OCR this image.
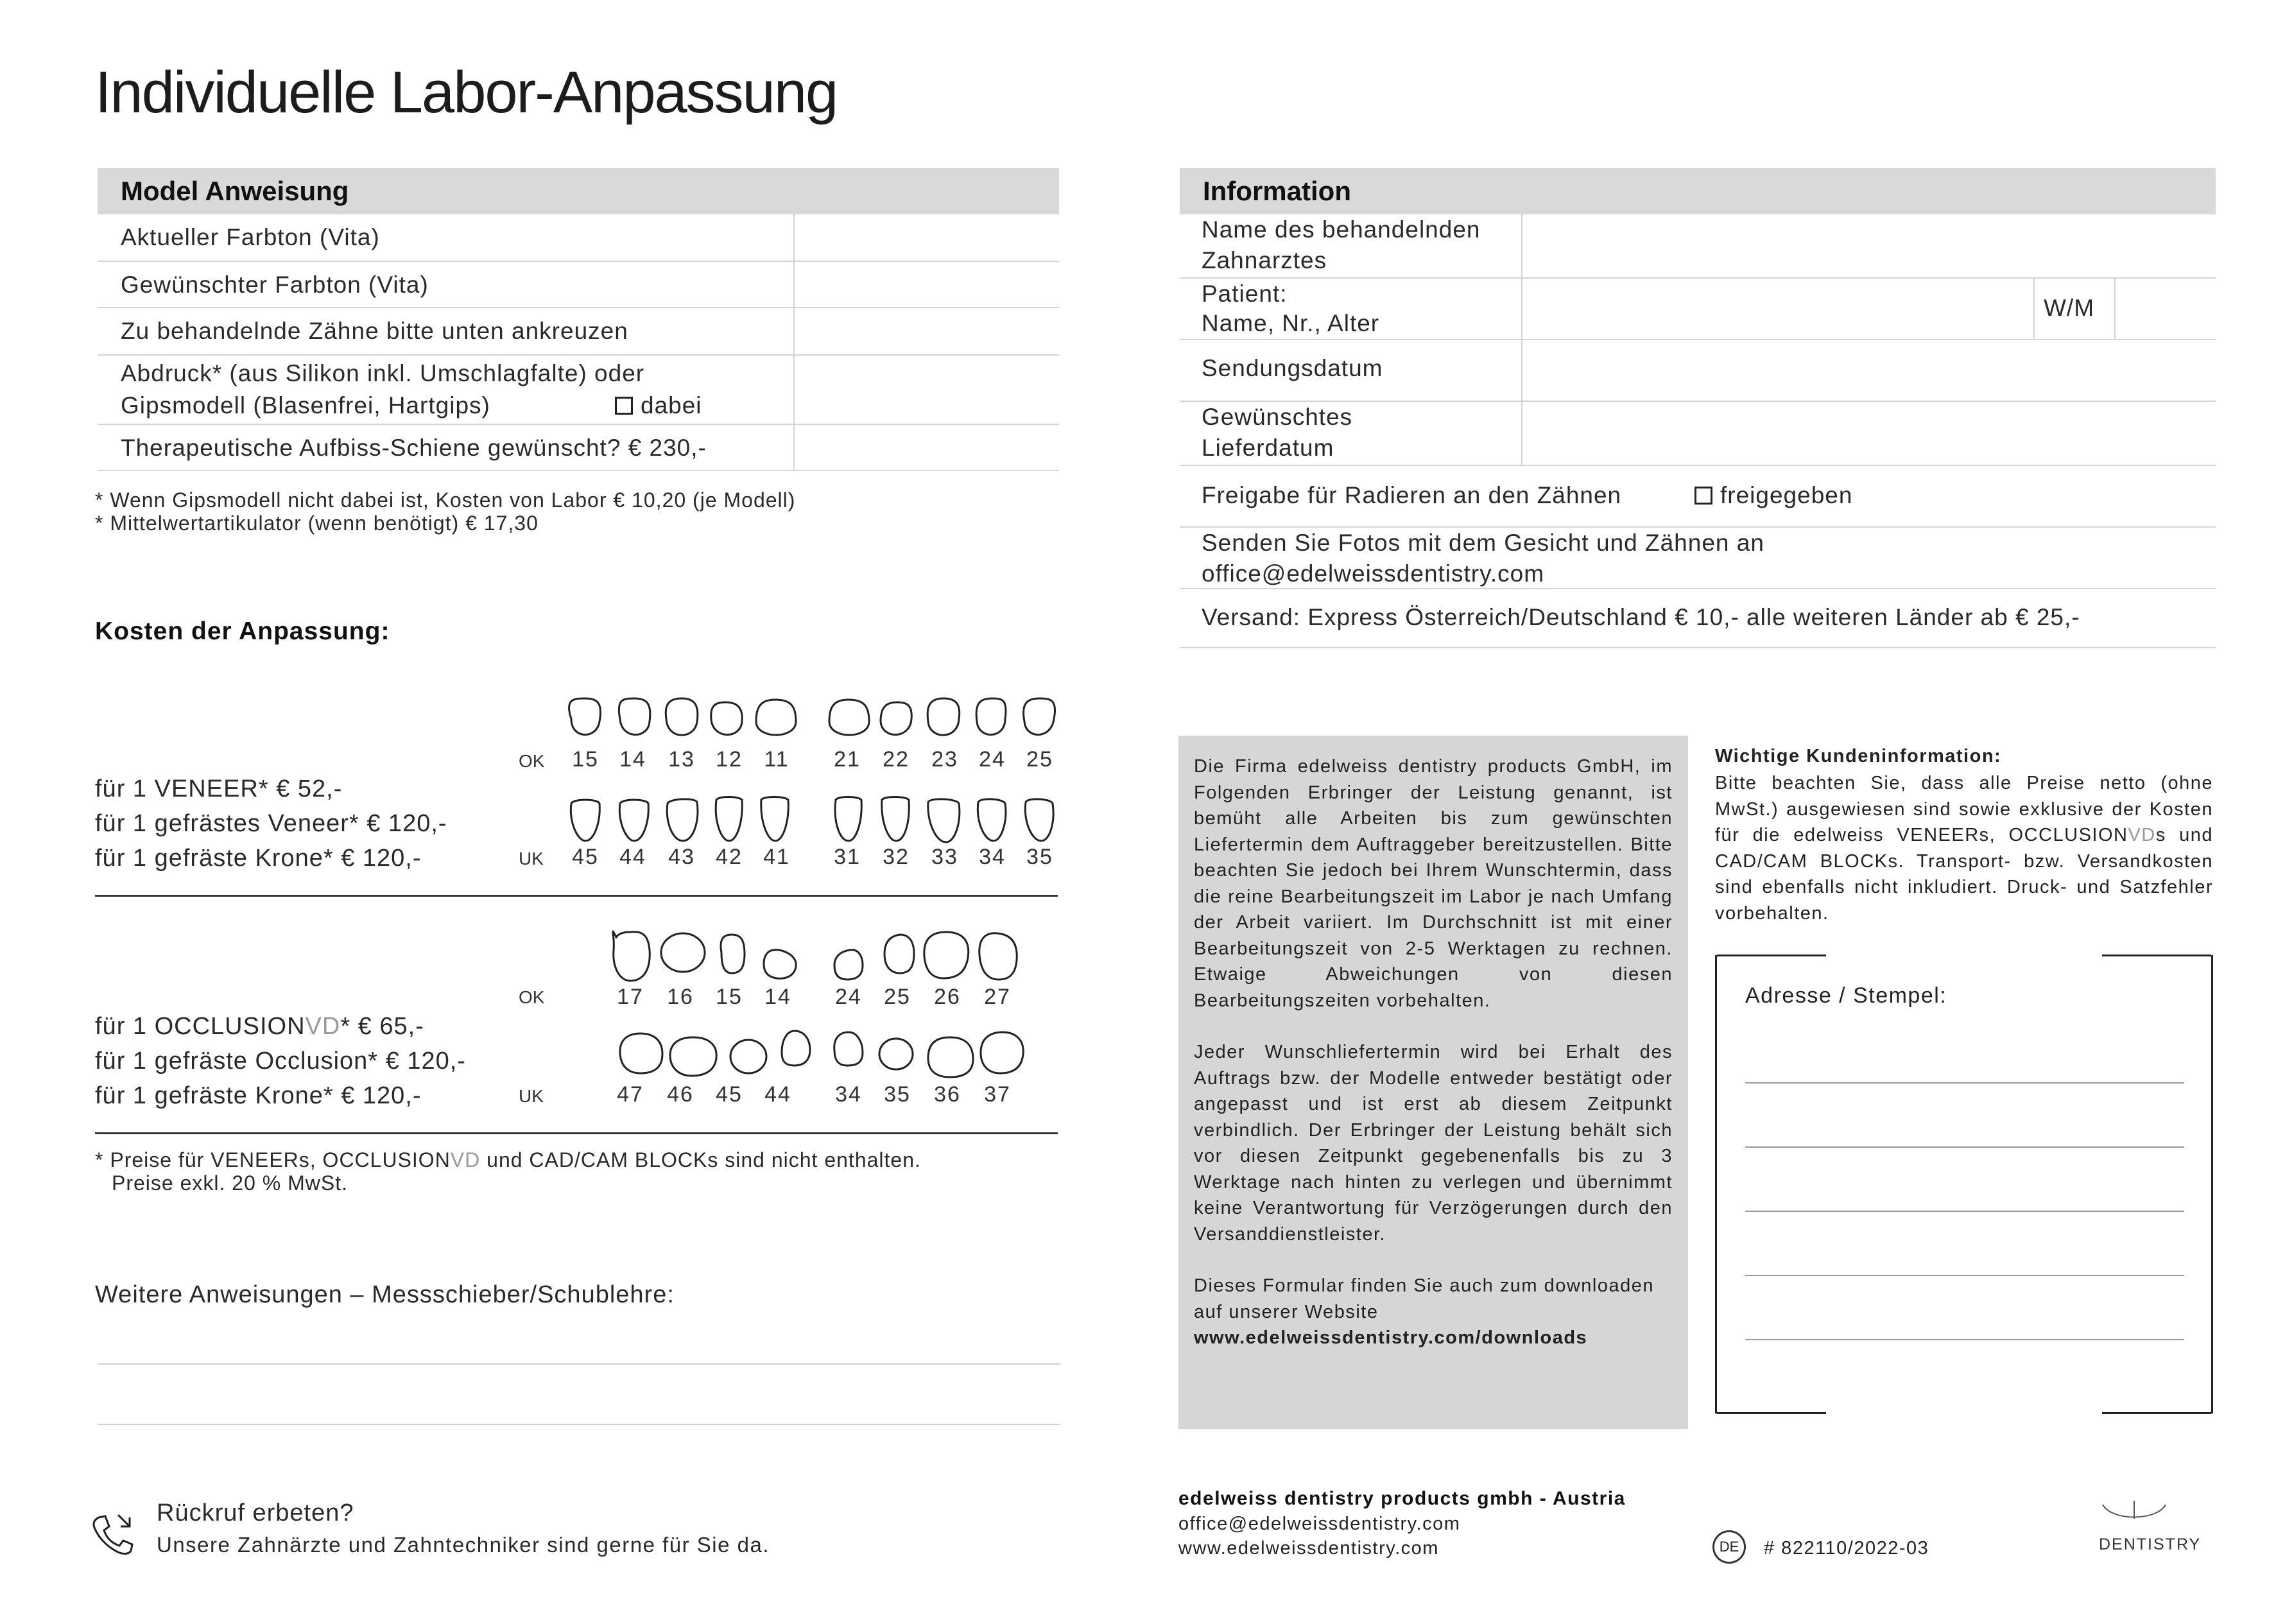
Individuelle Labor-Anpassung
Model Anweisung
Aktueller Farbton (Vita)
Gewünschter Farbton (Vita)
Zu behandelnde Zähne bitte unten ankreuzen
Abdruck* (aus Silikon inkl. Umschlagfalte) oder
Gipsmodell (Blasenfrei, Hartgips)	dabei
Therapeutische Aufbiss-Schiene gewünscht? € 230,-
* Wenn Gipsmodell nicht dabei ist, Kosten von Labor € 10,20 (je Modell)
* Mittelwertartikulator (wenn benötigt) € 17,30
Kosten der Anpassung:
OK
UK
15 14	13 12 11	21	22	23 24 25
45 44	43 42 41	31	32	33 34 35
für 1 VENEER* € 52,-
für 1 gefrästes Veneer* € 120,-
für 1 gefräste Krone* € 120,-
OK
UK
17	16	15	14	24	25	26	27
47	46	45	44	34	35	36	37
für 1 OCCLUSIONVD* € 65,-
für 1 gefräste Occlusion* € 120,-
für 1 gefräste Krone* € 120,-
* Preise für VENEERs, OCCLUSIONVD und CAD/CAM BLOCKs sind nicht enthalten.
Preise exkl. 20 % MwSt.
Weitere Anweisungen – Messschieber/Schublehre:
Rückruf erbeten?
Unsere Zahnärzte und Zahntechniker sind gerne für Sie da.
Information
Name des behandelnden
Zahnarztes
Patient:
Name, Nr., Alter
W/M
Sendungsdatum
Gewünschtes
Lieferdatum
Freigabe für Radieren an den Zähnen	freigegeben
Senden Sie Fotos mit dem Gesicht und Zähnen an
office@edelweissdentistry.com
Versand: Express Österreich/Deutschland € 10,- alle weiteren Länder ab € 25,-
Die Firma edelweiss dentistry products GmbH, im Folgenden Erbringer der Leistung genannt, ist bemüht alle Arbeiten bis zum gewünschten Liefertermin dem Auftraggeber bereitzustellen. Bitte beachten Sie jedoch bei Ihrem Wunschtermin, dass die reine Bearbeitungszeit im Labor je nach Umfang der Arbeit variiert. Im Durchschnitt ist mit einer Bearbeitungszeit von 2-5 Werktagen zu rechnen. Etwaige Abweichungen von diesen Bearbeitungszeiten vorbehalten.
Jeder Wunschliefertermin wird bei Erhalt des Auftrags bzw. der Modelle entweder bestätigt oder angepasst und ist erst ab diesem Zeitpunkt verbindlich. Der Erbringer der Leistung behält sich vor diesen Zeitpunkt gegebenenfalls bis zu 3 Werktage nach hinten zu verlegen und übernimmt keine Verantwortung für Verzögerungen durch den Versanddienstleister.
Dieses Formular finden Sie auch zum downloaden auf unserer Website
www.edelweissdentistry.com/downloads
Wichtige Kundeninformation:
Bitte beachten Sie, dass alle Preise netto (ohne MwSt.) ausgewiesen sind sowie exklusive der Kosten für die edelweiss VENEERs, OCCLUSIONVDs und CAD/CAM BLOCKs. Transport- bzw. Versandkosten sind ebenfalls nicht inkludiert. Druck- und Satzfehler vorbehalten.
Adresse / Stempel:
edelweiss dentistry products gmbh - Austria
office@edelweissdentistry.com
www.edelweissdentistry.com	DE	# 822110/2022-03	DENTISTRY
